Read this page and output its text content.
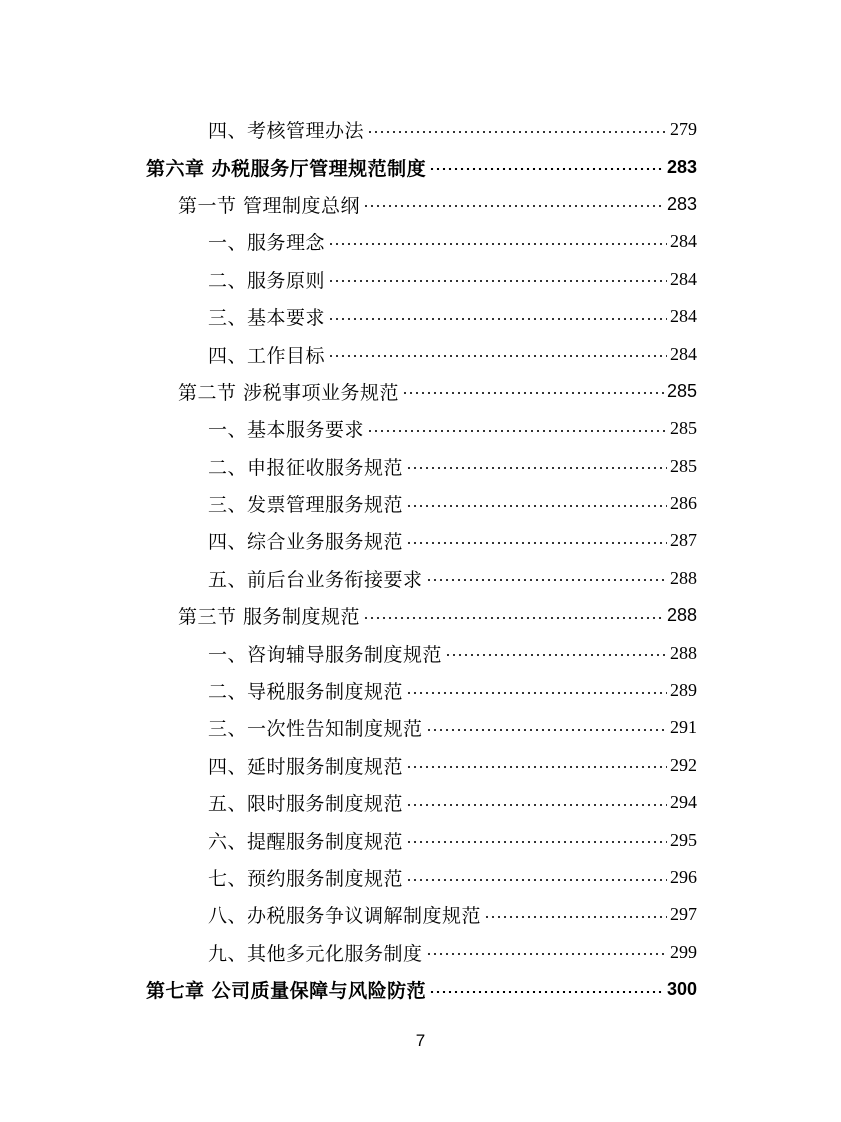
四、考核管理办法	279
第六章 办税服务厅管理规范制度	283
第一节 管理制度总纲	283
一、服务理念	284
二、服务原则	284
三、基本要求	284
四、工作目标	284
第二节 涉税事项业务规范	285
一、基本服务要求	285
二、申报征收服务规范	285
三、发票管理服务规范	286
四、综合业务服务规范	287
五、前后台业务衔接要求	288
第三节 服务制度规范	288
一、咨询辅导服务制度规范	288
二、导税服务制度规范	289
三、一次性告知制度规范	291
四、延时服务制度规范	292
五、限时服务制度规范	294
六、提醒服务制度规范	295
七、预约服务制度规范	296
八、办税服务争议调解制度规范	297
九、其他多元化服务制度	299
第七章 公司质量保障与风险防范	300
7
